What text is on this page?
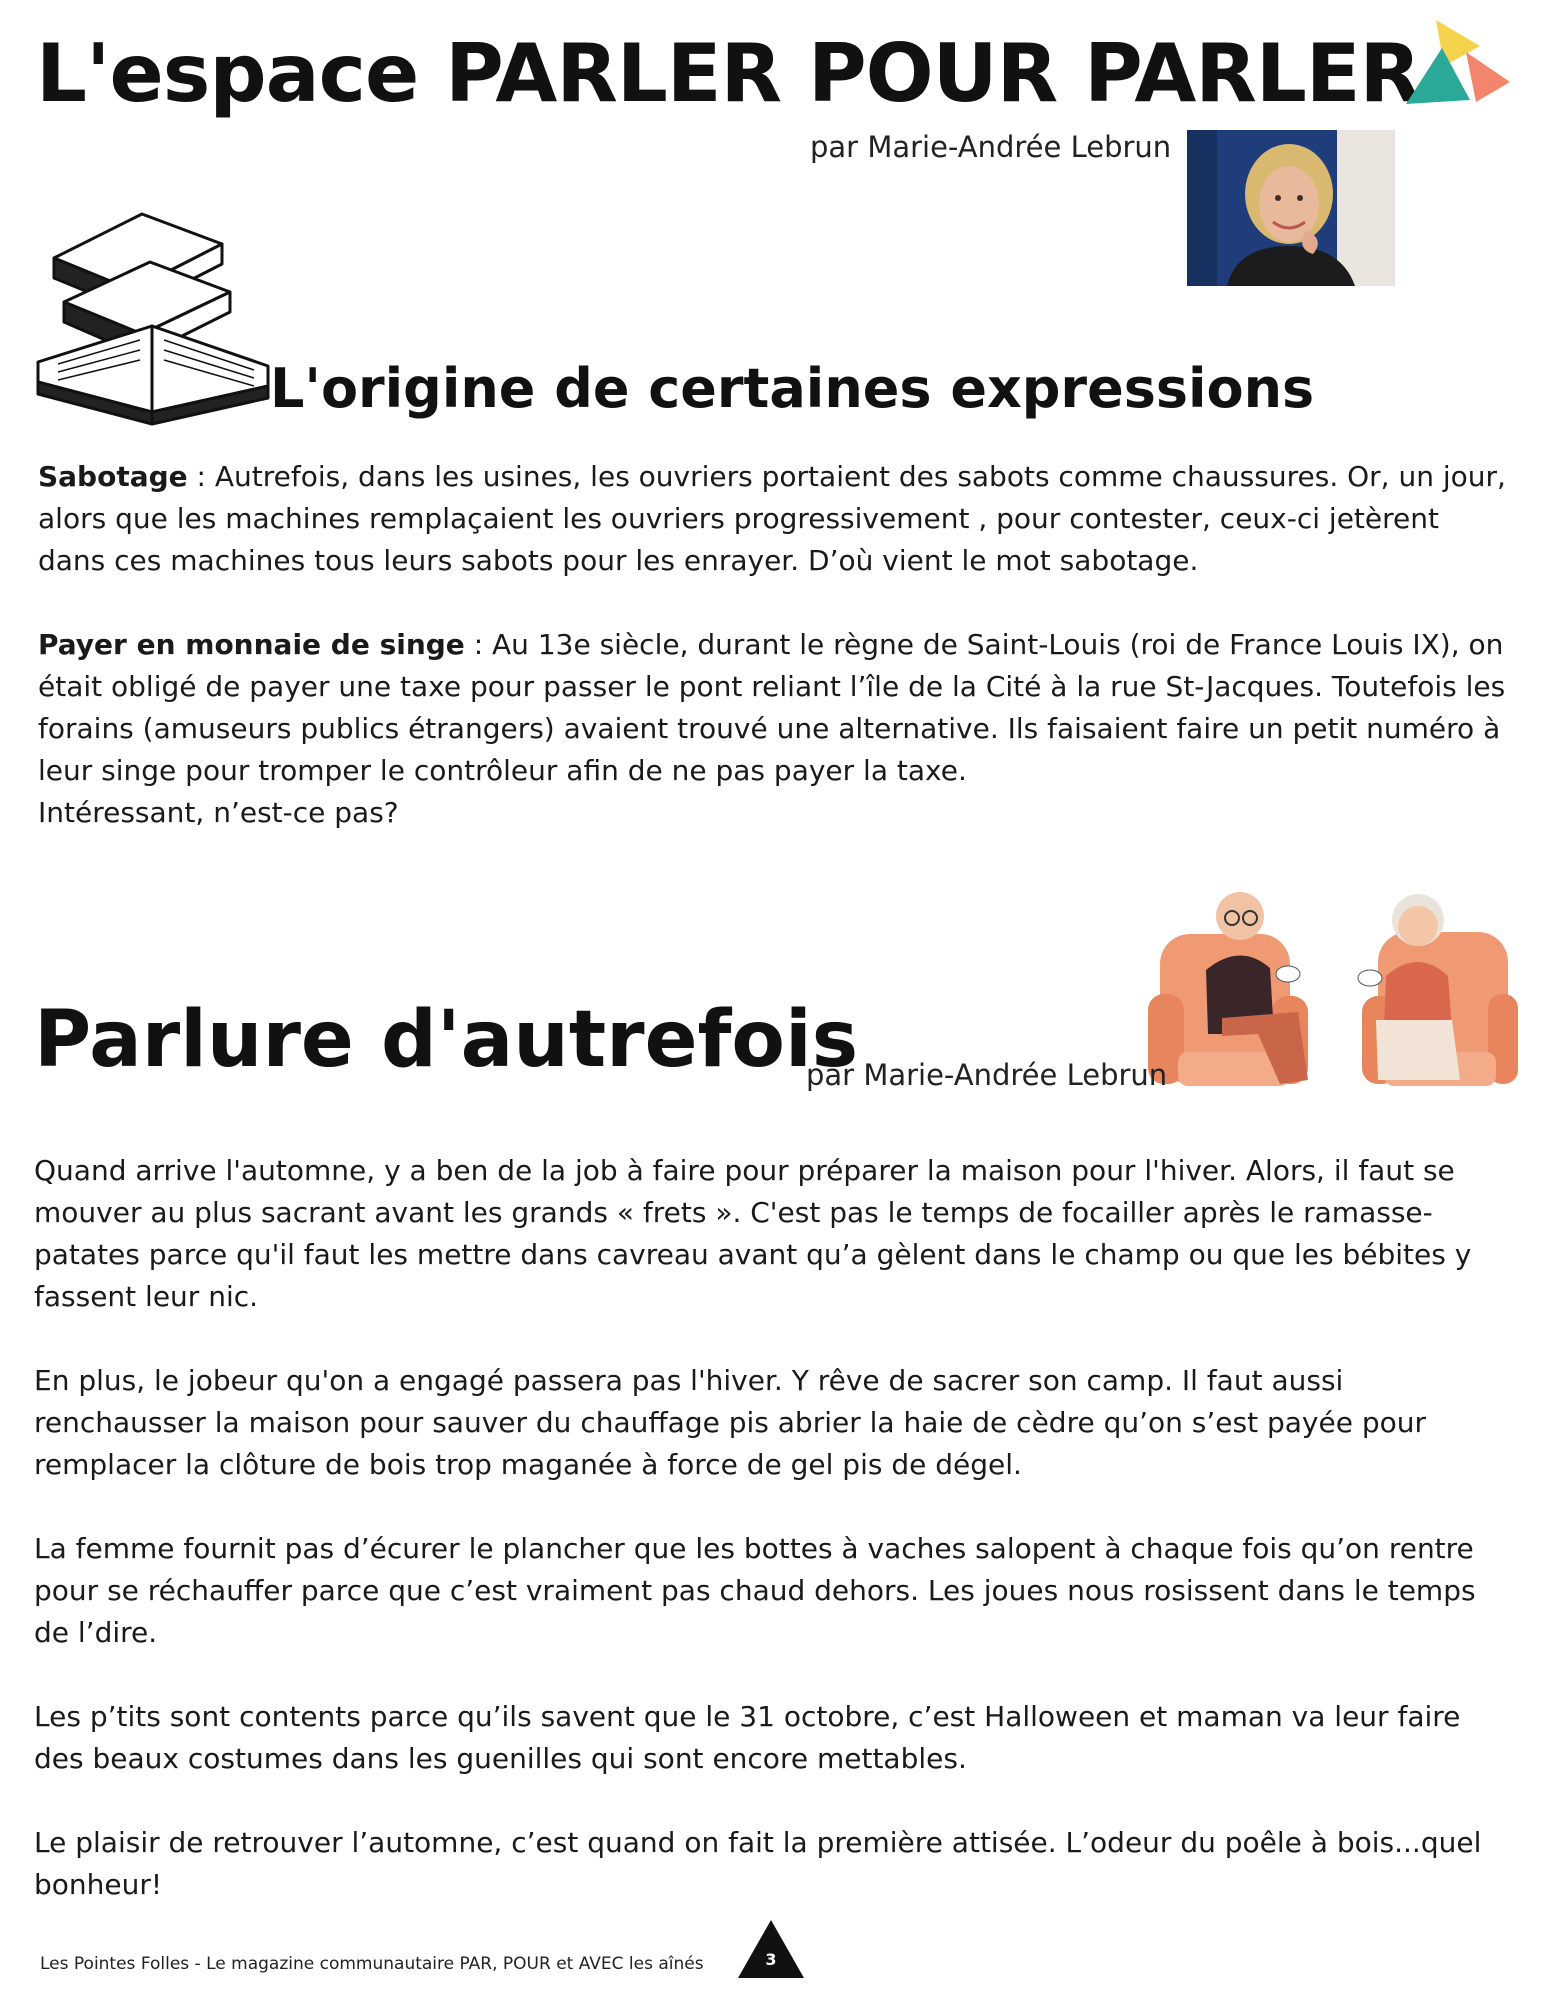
L'espace PARLER POUR PARLER
par Marie-Andrée Lebrun
L'origine de certaines expressions

Sabotage : Autrefois, dans les usines, les ouvriers portaient des sabots comme chaussures. Or, un jour, alors que les machines remplaçaient les ouvriers progressivement , pour contester, ceux-ci jetèrent dans ces machines tous leurs sabots pour les enrayer. D’où vient le mot sabotage.

Payer en monnaie de singe : Au 13e siècle, durant le règne de Saint-Louis (roi de France Louis IX), on était obligé de payer une taxe pour passer le pont reliant l’île de la Cité à la rue St-Jacques. Toutefois les forains (amuseurs publics étrangers) avaient trouvé une alternative. Ils faisaient faire un petit numéro à leur singe pour tromper le contrôleur afin de ne pas payer la taxe.

Intéressant, n’est-ce pas?

Parlure d'autrefois
par Marie-Andrée Lebrun

Quand arrive l'automne, y a ben de la job à faire pour préparer la maison pour l'hiver. Alors, il faut se mouver au plus sacrant avant les grands « frets ». C'est pas le temps de focailler après le ramasse-patates parce qu'il faut les mettre dans cavreau avant qu’a gèlent dans le champ ou que les bébites y fassent leur nic.

En plus, le jobeur qu'on a engagé passera pas l'hiver. Y rêve de sacrer son camp. Il faut aussi renchausser la maison pour sauver du chauffage pis abrier la haie de cèdre qu’on s’est payée pour remplacer la clôture de bois trop maganée à force de gel pis de dégel.

La femme fournit pas d’écurer le plancher que les bottes à vaches salopent à chaque fois qu’on rentre pour se réchauffer parce que c’est vraiment pas chaud dehors. Les joues nous rosissent dans le temps de l’dire.

Les p’tits sont contents parce qu’ils savent que le 31 octobre, c’est Halloween et maman va leur faire des beaux costumes dans les guenilles qui sont encore mettables.

Le plaisir de retrouver l’automne, c’est quand on fait la première attisée. L’odeur du poêle à bois...quel bonheur!

Les Pointes Folles - Le magazine communautaire PAR, POUR et AVEC les aînés	3
